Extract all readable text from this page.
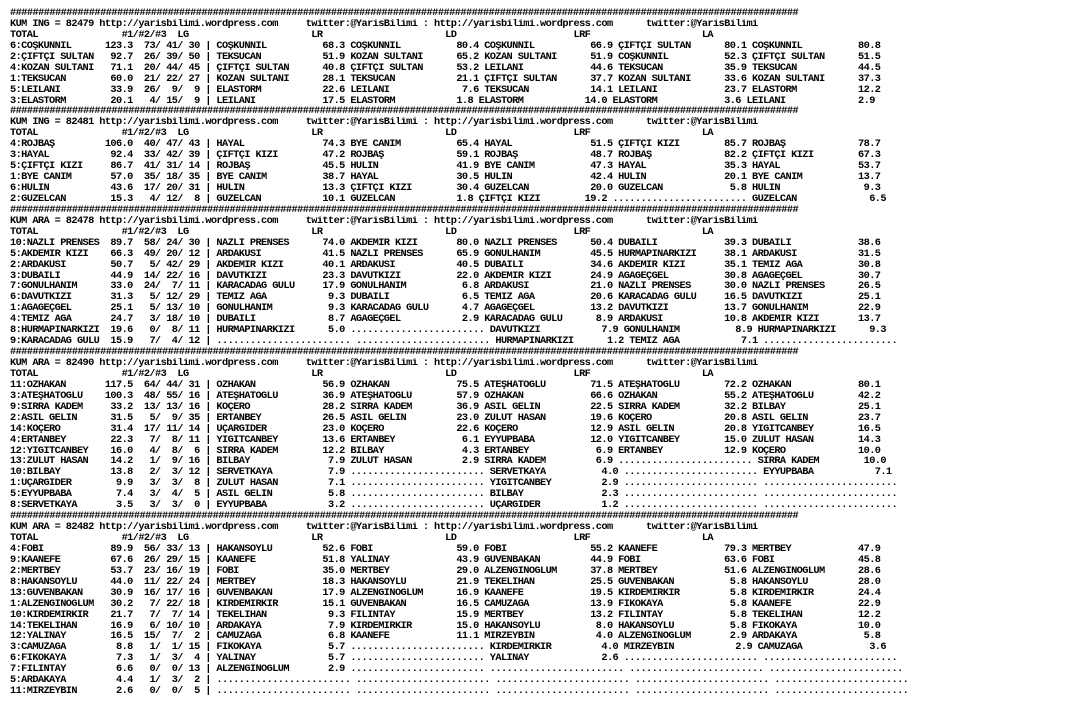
############################################################################################################################################
KUM ING = 82479 http://yarisbilimi.wordpress.com     twitter:@YarisBilimi : http://yarisbilimi.wordpress.com      twitter:@YarisBilimi
TOTAL               #1/#2/#3  LG                      LR                      LD                     LRF                    LA
6:COŞKUNNİL      123.3  73/ 41/ 30 | COŞKUNNİL          68.3 COŞKUNNİL          80.4 COŞKUNNİL          66.9 ÇİFTÇİ SULTAN      80.1 COŞKUNNİL          80.8
2:ÇİFTÇİ SULTAN   92.7  26/ 39/ 50 | TEKSUCAN           51.9 KOZAN SULTANI      65.2 KOZAN SULTANI      51.9 COŞKUNNİL          52.3 ÇİFTÇİ SULTAN      51.5
4:KOZAN SULTANI   71.1  20/ 44/ 45 | ÇİFTÇİ SULTAN      40.8 ÇİFTÇİ SULTAN      53.2 LEILANI            44.6 TEKSUCAN           35.9 TEKSUCAN           44.5
1:TEKSUCAN        60.0  21/ 22/ 27 | KOZAN SULTANI      28.1 TEKSUCAN           21.1 ÇİFTÇİ SULTAN      37.7 KOZAN SULTANI      33.6 KOZAN SULTANI      37.3
5:LEILANI         33.9  26/  9/  9 | ELASTORM           22.6 LEILANI             7.6 TEKSUCAN           14.1 LEILANI            23.7 ELASTORM           12.2
3:ELASTORM        20.1   4/ 15/  9 | LEILANI            17.5 ELASTORM           1.8 ELASTORM           14.0 ELASTORM            3.6 LEILANI             2.9
############################################################################################################################################
KUM ING = 82481 http://yarisbilimi.wordpress.com     twitter:@YarisBilimi : http://yarisbilimi.wordpress.com      twitter:@YarisBilimi
TOTAL               #1/#2/#3  LG                      LR                      LD                     LRF                    LA
4:ROJBAŞ         106.0  40/ 47/ 43 | HAYAL              74.3 BYE CANIM          65.4 HAYAL              51.5 ÇİFTÇİ KIZI        85.7 ROJBAŞ             78.7
3:HAYAL           92.4  33/ 42/ 39 | ÇİFTÇİ KIZI        47.2 ROJBAŞ             59.1 ROJBAŞ             48.7 ROJBAŞ             82.2 ÇİFTÇİ KIZI        67.3
5:ÇİFTÇİ KIZI     86.7  41/ 31/ 14 | ROJBAŞ             45.5 HULİN              41.9 BYE CANIM          47.3 HAYAL              35.3 HAYAL              53.7
1:BYE CANIM       57.0  35/ 18/ 35 | BYE CANIM          38.7 HAYAL              30.5 HULİN              42.4 HULİN              20.1 BYE CANIM          13.7
6:HULİN           43.6  17/ 20/ 31 | HULİN              13.3 ÇİFTÇİ KIZI        30.4 GÜZELCAN           20.0 GÜZELCAN            5.8 HULİN               9.3
2:GÜZELCAN        15.3   4/ 12/  8 | GÜZELCAN           10.1 GÜZELCAN           1.8 ÇİFTÇİ KIZI        19.2 ........................ GÜZELCAN             6.5
############################################################################################################################################
KUM ARA = 82478 http://yarisbilimi.wordpress.com     twitter:@YarisBilimi : http://yarisbilimi.wordpress.com      twitter:@YarisBilimi
TOTAL               #1/#2/#3  LG                      LR                      LD                     LRF                    LA
10:NAZLI PRENSES  89.7  58/ 24/ 30 | NAZLI PRENSES      74.0 AKDEMİR KIZI       80.0 NAZLI PRENSES      50.4 DUBAİLİ            39.3 DUBAİLİ            38.6
5:AKDEMİR KIZI    66.3  49/ 20/ 12 | ARDAKUSİ           41.5 NAZLI PRENSES      65.9 GÖNÜLHANIM         45.5 HURMAPINARKIZI     38.1 ARDAKUSİ           31.5
2:ARDAKUSİ        50.7   5/ 42/ 29 | AKDEMİR KIZI       40.1 ARDAKUSİ           40.5 DUBAİLİ            34.6 AKDEMİR KIZI       35.1 TEMİZ AĞA          30.8
3:DUBAİLİ         44.9  14/ 22/ 16 | DAVUTKIZI          23.3 DAVUTKIZI          22.0 AKDEMİR KIZI       24.9 AĞAGEÇGEL          30.8 AĞAGEÇGEL          30.7
7:GÖNÜLHANIM      33.0  24/  7/ 11 | KARACADAĞ GÜLÜ     17.9 GÖNÜLHANIM          6.8 ARDAKUSİ           21.0 NAZLI PRENSES      30.0 NAZLI PRENSES      26.5
6:DAVUTKIZI       31.3   5/ 12/ 29 | TEMİZ AĞA           9.3 DUBAİLİ             6.5 TEMİZ AĞA          20.6 KARACADAĞ GÜLÜ     16.5 DAVUTKIZI          25.1
1:AĞAGEÇGEL       25.1   5/ 13/ 10 | GÖNÜLHANIM          9.3 KARACADAĞ GÜLÜ      4.7 AĞAGEÇGEL          13.2 DAVUTKIZI          13.7 GÖNÜLHANIM         22.9
4:TEMİZ AĞA       24.7   3/ 18/ 10 | DUBAİLİ             8.7 AĞAGEÇGEL           2.9 KARACADAĞ GÜLÜ      8.9 ARDAKUSİ           10.8 AKDEMİR KIZI       13.7
8:HURMAPINARKIZI  19.6   0/  8/ 11 | HURMAPINARKIZI      5.0 ........................ DAVUTKIZI           7.9 GÖNÜLHANIM          8.9 HURMAPINARKIZI      9.3
9:KARACADAĞ GÜLÜ  15.9   7/  4/ 12 | ........................ ........................ HURMAPINARKIZI      1.2 TEMİZ AĞA           7.1 ........................
############################################################################################################################################
KUM ARA = 82490 http://yarisbilimi.wordpress.com     twitter:@YarisBilimi : http://yarisbilimi.wordpress.com      twitter:@YarisBilimi
TOTAL               #1/#2/#3  LG                      LR                      LD                     LRF                    LA
11:ÖZHAKAN       117.5  64/ 44/ 31 | ÖZHAKAN            56.9 ÖZHAKAN            75.5 ATEŞHATOĞLU        71.5 ATEŞHATOĞLU        72.2 ÖZHAKAN            80.1
3:ATEŞHATOĞLU    100.3  48/ 55/ 16 | ATEŞHATOĞLU        36.9 ATEŞHATOĞLU        57.9 ÖZHAKAN            66.6 ÖZHAKAN            55.2 ATEŞHATOĞLU        42.2
9:SIRRA KADEM     33.2  13/ 13/ 16 | KOÇERO             28.2 SIRRA KADEM        36.9 ASİL GELİN         22.5 SIRRA KADEM        32.2 BİLBAY             25.1
2:ASİL GELİN      31.5   5/  9/ 35 | ERTANBEY           26.5 ASİL GELİN         23.0 ZULUT HASAN        19.6 KOÇERO             20.8 ASİL GELİN         23.7
14:KOÇERO         31.4  17/ 11/ 14 | UÇARGİDER          23.0 KOÇERO             22.6 KOÇERO             12.9 ASİL GELİN         20.8 YİĞİTCANBEY        16.5
4:ERTANBEY        22.3   7/  8/ 11 | YİĞİTCANBEY        13.6 ERTANBEY            6.1 EYYUPBABA          12.0 YİĞİTCANBEY        15.0 ZULUT HASAN        14.3
12:YİĞİTCANBEY    16.0   4/  8/  6 | SIRRA KADEM        12.2 BİLBAY              4.3 ERTANBEY            6.9 ERTANBEY           12.9 KOÇERO             10.0
13:ZULUT HASAN    14.2   1/  9/ 16 | BİLBAY              7.9 ZULUT HASAN         2.9 SIRRA KADEM         6.9 ........................ SIRRA KADEM        10.0
10:BİLBAY         13.8   2/  3/ 12 | SERVETKAYA          7.9 ........................ SERVETKAYA          4.0 ........................ EYYUPBABA           7.1
1:UÇARGİDER        9.9   3/  3/  8 | ZULUT HASAN         7.1 ........................ YİĞİTCANBEY         2.9 ........................ ........................
5:EYYUPBABA        7.4   3/  4/  5 | ASİL GELİN          5.8 ........................ BİLBAY              2.3 ........................ ........................
8:SERVETKAYA       3.5   3/  3/  0 | EYYUPBABA           3.2 ........................ UÇARGİDER           1.2 ........................ ........................
############################################################################################################################################
KUM ARA = 82482 http://yarisbilimi.wordpress.com     twitter:@YarisBilimi : http://yarisbilimi.wordpress.com      twitter:@YarisBilimi
TOTAL               #1/#2/#3  LG                      LR                      LD                     LRF                    LA
4:FOBİ            89.9  56/ 33/ 13 | HAKANSOYLU         52.6 FOBİ               59.0 FOBİ               55.2 KAANEFE            79.3 MERTBEY            47.9
9:KAANEFE         67.6  26/ 29/ 15 | KAANEFE            51.8 YALINAY            43.9 GÜVENBAKAN         44.9 FOBİ               63.6 FOBİ               45.8
2:MERTBEY         53.7  23/ 16/ 19 | FOBİ               35.0 MERTBEY            29.0 ALZENGİNOĞLUM      37.8 MERTBEY            51.6 ALZENGİNOĞLUM      28.6
8:HAKANSOYLU      44.0  11/ 22/ 24 | MERTBEY            18.3 HAKANSOYLU         21.9 TEKELİHAN          25.5 GÜVENBAKAN          5.8 HAKANSOYLU         28.0
13:GÜVENBAKAN     30.9  16/ 17/ 16 | GÜVENBAKAN         17.9 ALZENGİNOĞLUM      16.9 KAANEFE            19.5 KİRDEMİRKIR         5.8 KİRDEMİRKIR        24.4
1:ALZENGİNOĞLUM   30.2   7/ 22/ 18 | KİRDEMİRKIR        15.1 GÜVENBAKAN         16.5 CAMUZAĞA           13.9 FİKOKAYA            5.8 KAANEFE            22.9
10:KİRDEMİRKIR    21.7   7/  7/ 14 | TEKELİHAN           9.3 FİLİNTAY           15.9 MERTBEY            13.2 FİLİNTAY            5.8 TEKELİHAN          12.2
14:TEKELİHAN      16.9   6/ 10/ 10 | ARDAKAYA            7.9 KİRDEMİRKIR        15.0 HAKANSOYLU          8.0 HAKANSOYLU          5.8 FİKOKAYA           10.0
12:YALINAY        16.5  15/  7/  2 | CAMUZAĞA            6.8 KAANEFE            11.1 MİRZEYBİN           4.0 ALZENGİNOĞLUM       2.9 ARDAKAYA            5.8
3:CAMUZAĞA         8.8   1/  1/ 15 | FİKOKAYA            5.7 ........................ KİRDEMİRKIR         4.0 MİRZEYBİN           2.9 CAMUZAĞA            3.6
6:FİKOKAYA         7.3   1/  3/  4 | YALINAY             5.7 ........................ YALINAY             2.6 ........................ ........................
7:FİLİNTAY         6.6   0/  0/ 13 | ALZENGİNOĞLUM       2.9 ........................ ........................ ........................ ........................
5:ARDAKAYA         4.4   1/  3/  2 | ........................ ........................ ........................ ........................ ........................
11:MİRZEYBİN       2.6   0/  0/  5 | ........................ ........................ ........................ ........................ ........................
